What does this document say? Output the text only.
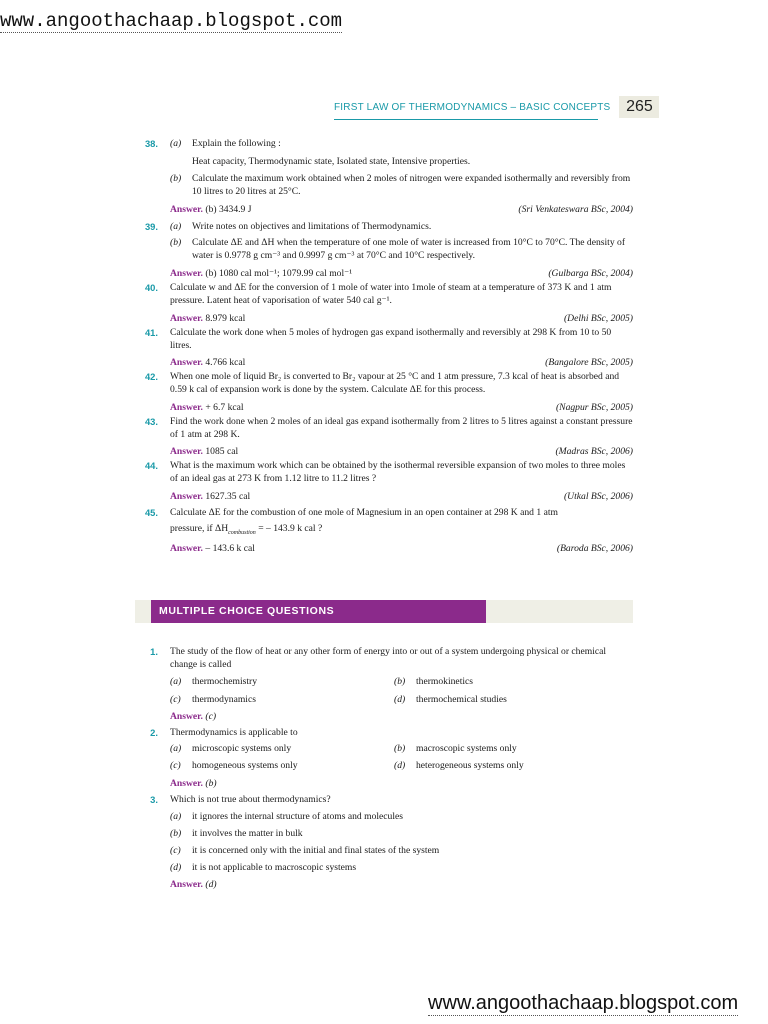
www.angoothachaap.blogspot.com
FIRST LAW OF THERMODYNAMICS – BASIC CONCEPTS 265
38. (a)	Explain the following :
Heat capacity, Thermodynamic state, Isolated state, Intensive properties.
(b)	Calculate the maximum work obtained when 2 moles of nitrogen were expanded isothermally and reversibly from 10 litres to 20 litres at 25°C.
Answer. (b) 3434.9 J	(Sri Venkateswara BSc, 2004)
39. (a)	Write notes on objectives and limitations of Thermodynamics.
(b)	Calculate ΔE and ΔH when the temperature of one mole of water is increased from 10°C to 70°C. The density of water is 0.9778 g cm⁻³ and 0.9997 g cm⁻³ at 70°C and 10°C respectively.
Answer. (b) 1080 cal mol⁻¹; 1079.99 cal mol⁻¹	(Gulbarga BSc, 2004)
40. Calculate w and ΔE for the conversion of 1 mole of water into 1mole of steam at a temperature of 373 K and 1 atm pressure. Latent heat of vaporisation of water 540 cal g⁻¹.
Answer. 8.979 kcal	(Delhi BSc, 2005)
41. Calculate the work done when 5 moles of hydrogen gas expand isothermally and reversibly at 298 K from 10 to 50 litres.
Answer. 4.766 kcal	(Bangalore BSc, 2005)
42. When one mole of liquid Br₂ is converted to Br₂ vapour at 25 °C and 1 atm pressure, 7.3 kcal of heat is absorbed and 0.59 k cal of expansion work is done by the system. Calculate ΔE for this process.
Answer. + 6.7 kcal	(Nagpur BSc, 2005)
43. Find the work done when 2 moles of an ideal gas expand isothermally from 2 litres to 5 litres against a constant pressure of 1 atm at 298 K.
Answer. 1085 cal	(Madras BSc, 2006)
44. What is the maximum work which can be obtained by the isothermal reversible expansion of two moles to three moles of an ideal gas at 273 K from 1.12 litre to 11.2 litres ?
Answer. 1627.35 cal	(Utkal BSc, 2006)
45. Calculate ΔE for the combustion of one mole of Magnesium in an open container at 298 K and 1 atm
pressure, if $\Delta H_{combustion}$ = – 143.9 k cal ?
Answer. – 143.6 k cal	(Baroda BSc, 2006)
MULTIPLE CHOICE QUESTIONS
1. The study of the flow of heat or any other form of energy into or out of a system undergoing physical or chemical change is called
(a) thermochemistry	(b) thermokinetics
(c) thermodynamics	(d) thermochemical studies
Answer. (c)
2. Thermodynamics is applicable to
(a) microscopic systems only	(b) macroscopic systems only
(c) homogeneous systems only	(d) heterogeneous systems only
Answer. (b)
3. Which is not true about thermodynamics?
(a) it ignores the internal structure of atoms and molecules
(b) it involves the matter in bulk
(c) it is concerned only with the initial and final states of the system
(d) it is not applicable to macroscopic systems
Answer. (d)
www.angoothachaap.blogspot.com
